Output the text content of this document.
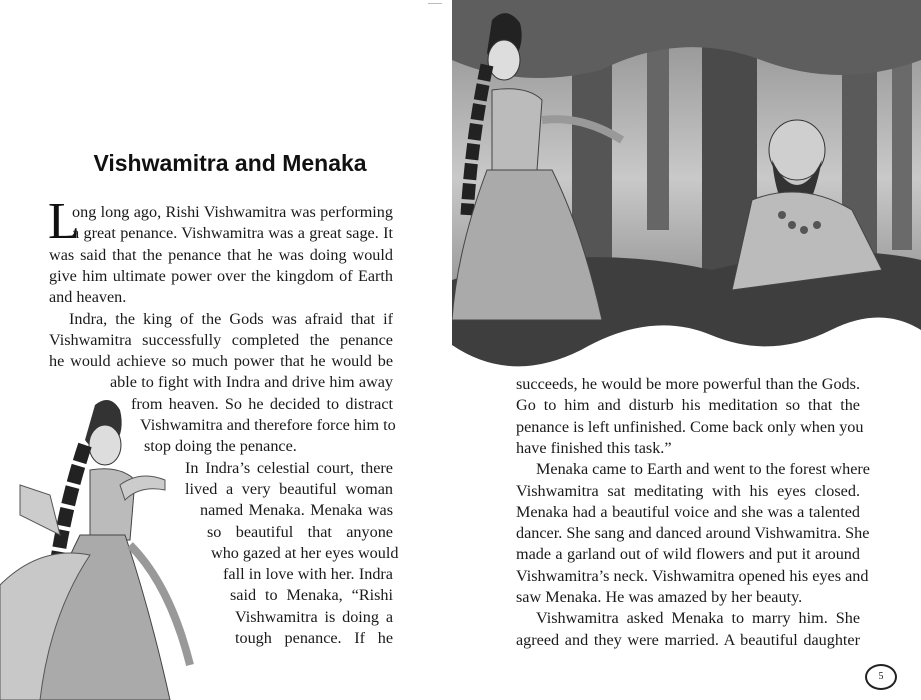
Vishwamitra and Menaka
L
ong long ago, Rishi Vishwamitra was performing
a great penance. Vishwamitra was a great sage. It
was said that the penance that he was doing would
give him ultimate power over the kingdom of Earth
and heaven.
Indra, the king of the Gods was afraid that if
Vishwamitra successfully completed the penance
he would achieve so much power that he would be
able to fight with Indra and drive him away
from heaven. So he decided to distract
Vishwamitra and therefore force him to
stop doing the penance.
In Indra’s celestial court, there
lived a very beautiful woman
named Menaka. Menaka was
so beautiful that anyone
who gazed at her eyes would
fall in love with her. Indra
said to Menaka, “Rishi
Vishwamitra is doing a
tough penance. If he
succeeds, he would be more powerful than the Gods.
Go to him and disturb his meditation so that the
penance is left unfinished. Come back only when you
have finished this task.”
Menaka came to Earth and went to the forest where
Vishwamitra sat meditating with his eyes closed.
Menaka had a beautiful voice and she was a talented
dancer. She sang and danced around Vishwamitra. She
made a garland out of wild flowers and put it around
Vishwamitra’s neck. Vishwamitra opened his eyes and
saw Menaka. He was amazed by her beauty.
Vishwamitra asked Menaka to marry him. She
agreed and they were married. A beautiful daughter
5
